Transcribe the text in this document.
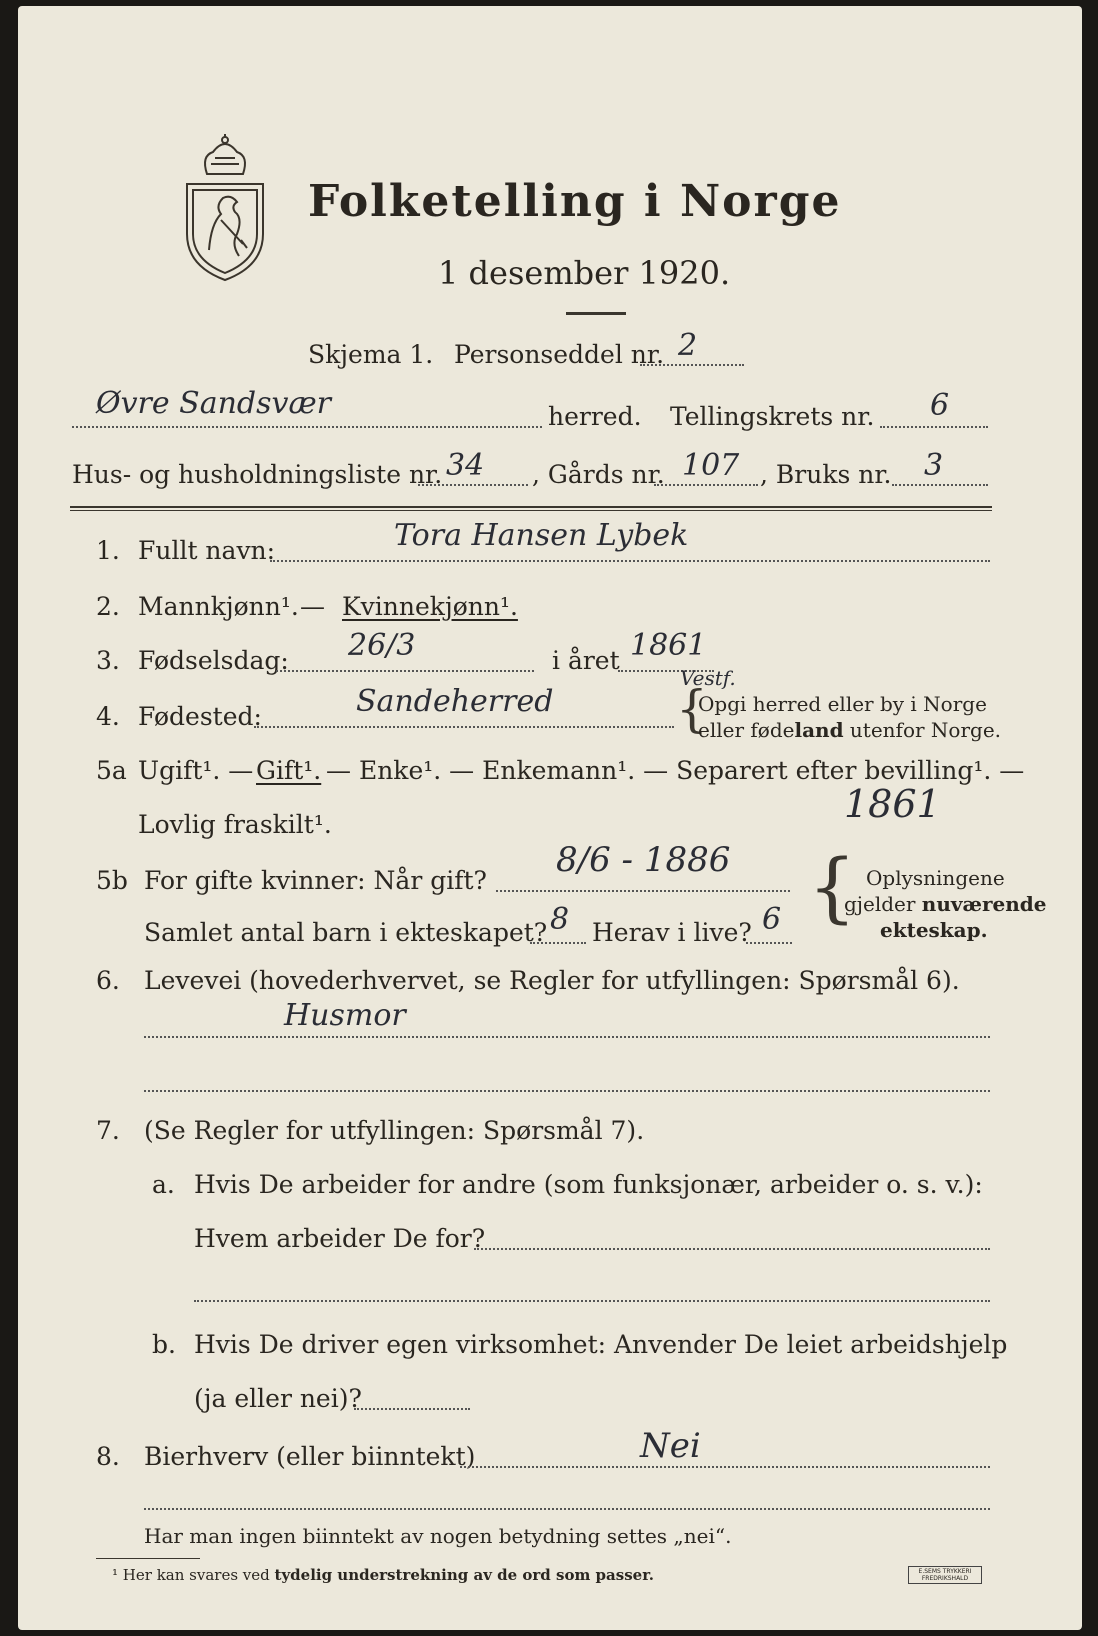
Folketelling i Norge
1 desember 1920.
Skjema 1. Personseddel nr. 2
Øvre Sandsvær	herred. Tellingskrets nr. 6
Hus- og husholdningsliste nr. 34 , Gårds nr. 107 , Bruks nr. 3
1. Fullt navn:	Tora Hansen Lybek
2. Mannkjønn¹. — Kvinnekjønn¹.
3. Fødselsdag: 26/3	i året 1861
4. Fødested:	Sandeherred
Vestf.
{
Opgi herred eller by i Norge
eller fødeland utenfor Norge.
5a Ugift¹. — Gift¹. — Enke¹. — Enkemann¹. — Separert efter bevilling¹. —
Lovlig fraskilt¹.	1861
5b For gifte kvinner: Når gift?
8/6 - 1886
Samlet antal barn i ekteskapet? 8 Herav i live? 6 { Oplysningene
gjelder nuværende
ekteskap.
6. Levevei (hovederhvervet, se Regler for utfyllingen: Spørsmål 6).
Husmor
7. (Se Regler for utfyllingen: Spørsmål 7).
a. Hvis De arbeider for andre (som funksjonær, arbeider o. s. v.):
Hvem arbeider De for?
b. Hvis De driver egen virksomhet: Anvender De leiet arbeidshjelp
(ja eller nei)?
8. Bierhverv (eller biinntekt)	Nei
Har man ingen biinntekt av nogen betydning settes „nei“.
¹ Her kan svares ved tydelig understrekning av de ord som passer.	E.SEMS TRYKKERI
FREDRIKSHALD
